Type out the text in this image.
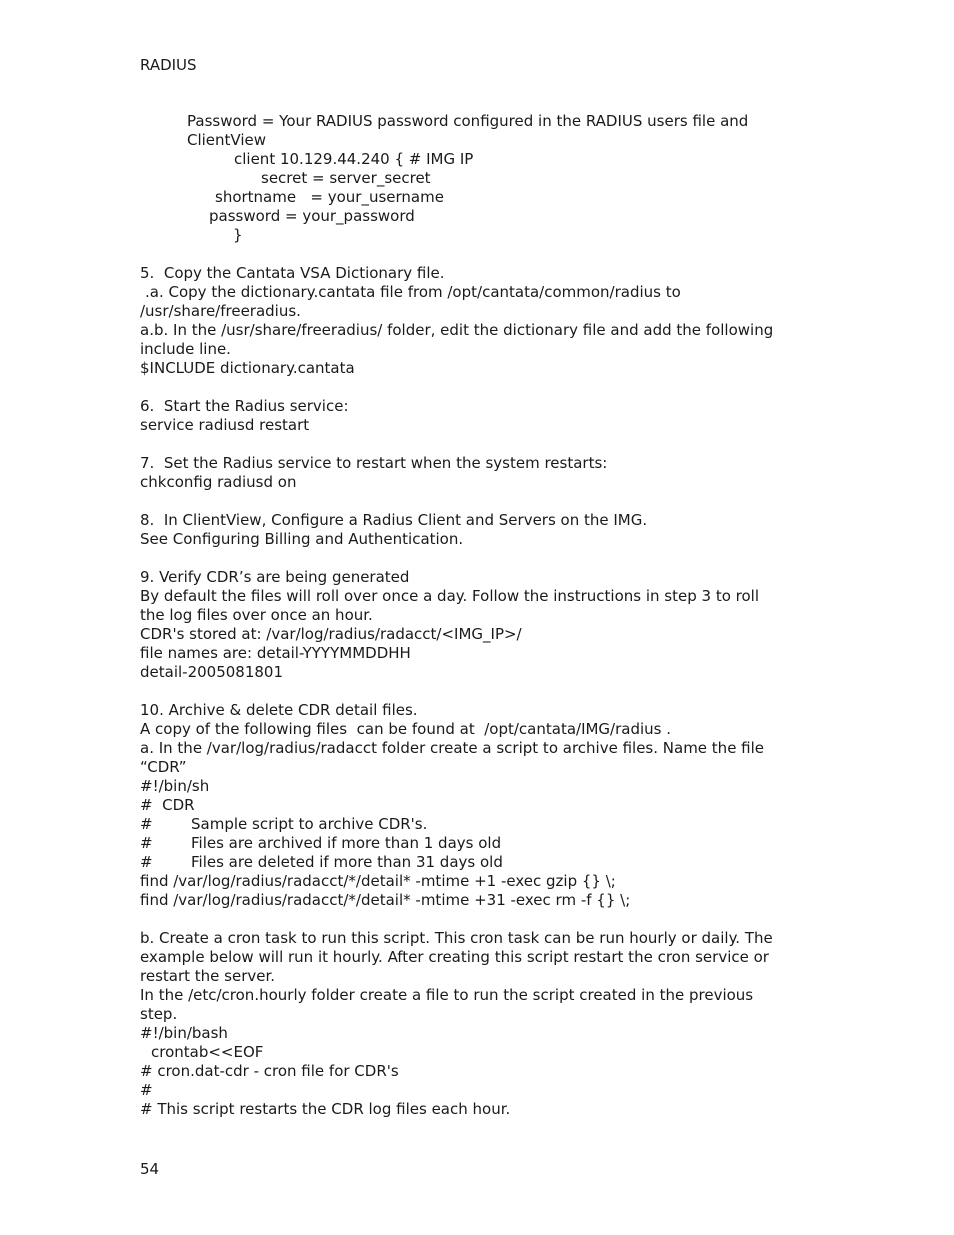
RADIUS
Password = Your RADIUS password configured in the RADIUS users file and
ClientView
client 10.129.44.240 { # IMG IP
secret = server_secret
shortname   = your_username
password = your_password
}
5.  Copy the Cantata VSA Dictionary file.
.a. Copy the dictionary.cantata file from /opt/cantata/common/radius to
/usr/share/freeradius.
a.b. In the /usr/share/freeradius/ folder, edit the dictionary file and add the following
include line.
$INCLUDE dictionary.cantata
6.  Start the Radius service:
service radiusd restart
7.  Set the Radius service to restart when the system restarts:
chkconfig radiusd on
8.  In ClientView, Configure a Radius Client and Servers on the IMG.
See Configuring Billing and Authentication.
9. Verify CDR’s are being generated
By default the files will roll over once a day. Follow the instructions in step 3 to roll
the log files over once an hour.
CDR's stored at: /var/log/radius/radacct/<IMG_IP>/
file names are: detail-YYYYMMDDHH
detail-2005081801
10. Archive & delete CDR detail files.
A copy of the following files  can be found at  /opt/cantata/IMG/radius .
a. In the /var/log/radius/radacct folder create a script to archive files. Name the file
“CDR”
#!/bin/sh
#  CDR
#	Sample script to archive CDR's.
#	Files are archived if more than 1 days old
#	Files are deleted if more than 31 days old
find /var/log/radius/radacct/*/detail* -mtime +1 -exec gzip {} \;
find /var/log/radius/radacct/*/detail* -mtime +31 -exec rm -f {} \;
b. Create a cron task to run this script. This cron task can be run hourly or daily. The
example below will run it hourly. After creating this script restart the cron service or
restart the server.
In the /etc/cron.hourly folder create a file to run the script created in the previous
step.
#!/bin/bash
crontab<<EOF
# cron.dat-cdr - cron file for CDR's
#
# This script restarts the CDR log files each hour.
54
